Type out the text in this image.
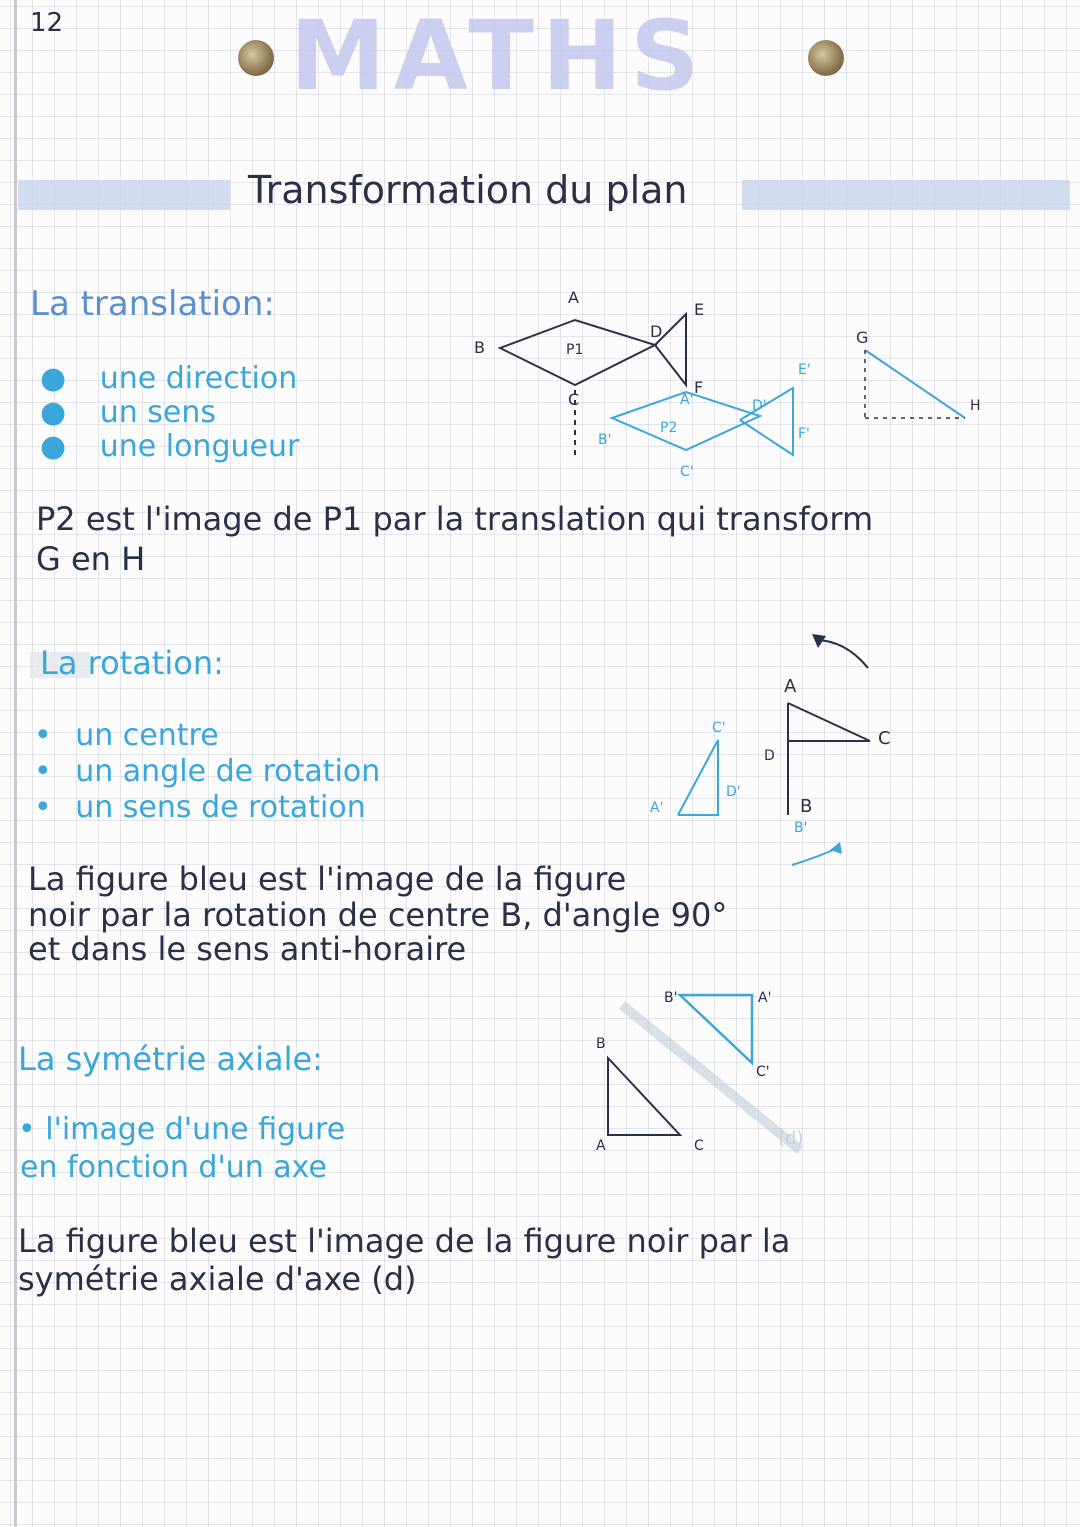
12 MATHS
Transformation du plan
La translation:
● une direction
● un sens
● une longueur
P2 est l'image de P1 par la translation qui transform
G en H
La rotation:
• un centre
• un angle de rotation
• un sens de rotation
La figure bleu est l'image de la figure
noir par la rotation de centre B, d'angle 90°
et dans le sens anti-horaire
La symétrie axiale:
• l'image d'une figure
en fonction d'un axe
La figure bleu est l'image de la figure noir par la
symétrie axiale d'axe (d)
A
B
C
D
E
F
P1
A'
B'
C'
D'
E'
F'
P2
G
H
A
B
C
D
A'
B'
C'
D'
B
A	C
B'	A'
C'
(d)
